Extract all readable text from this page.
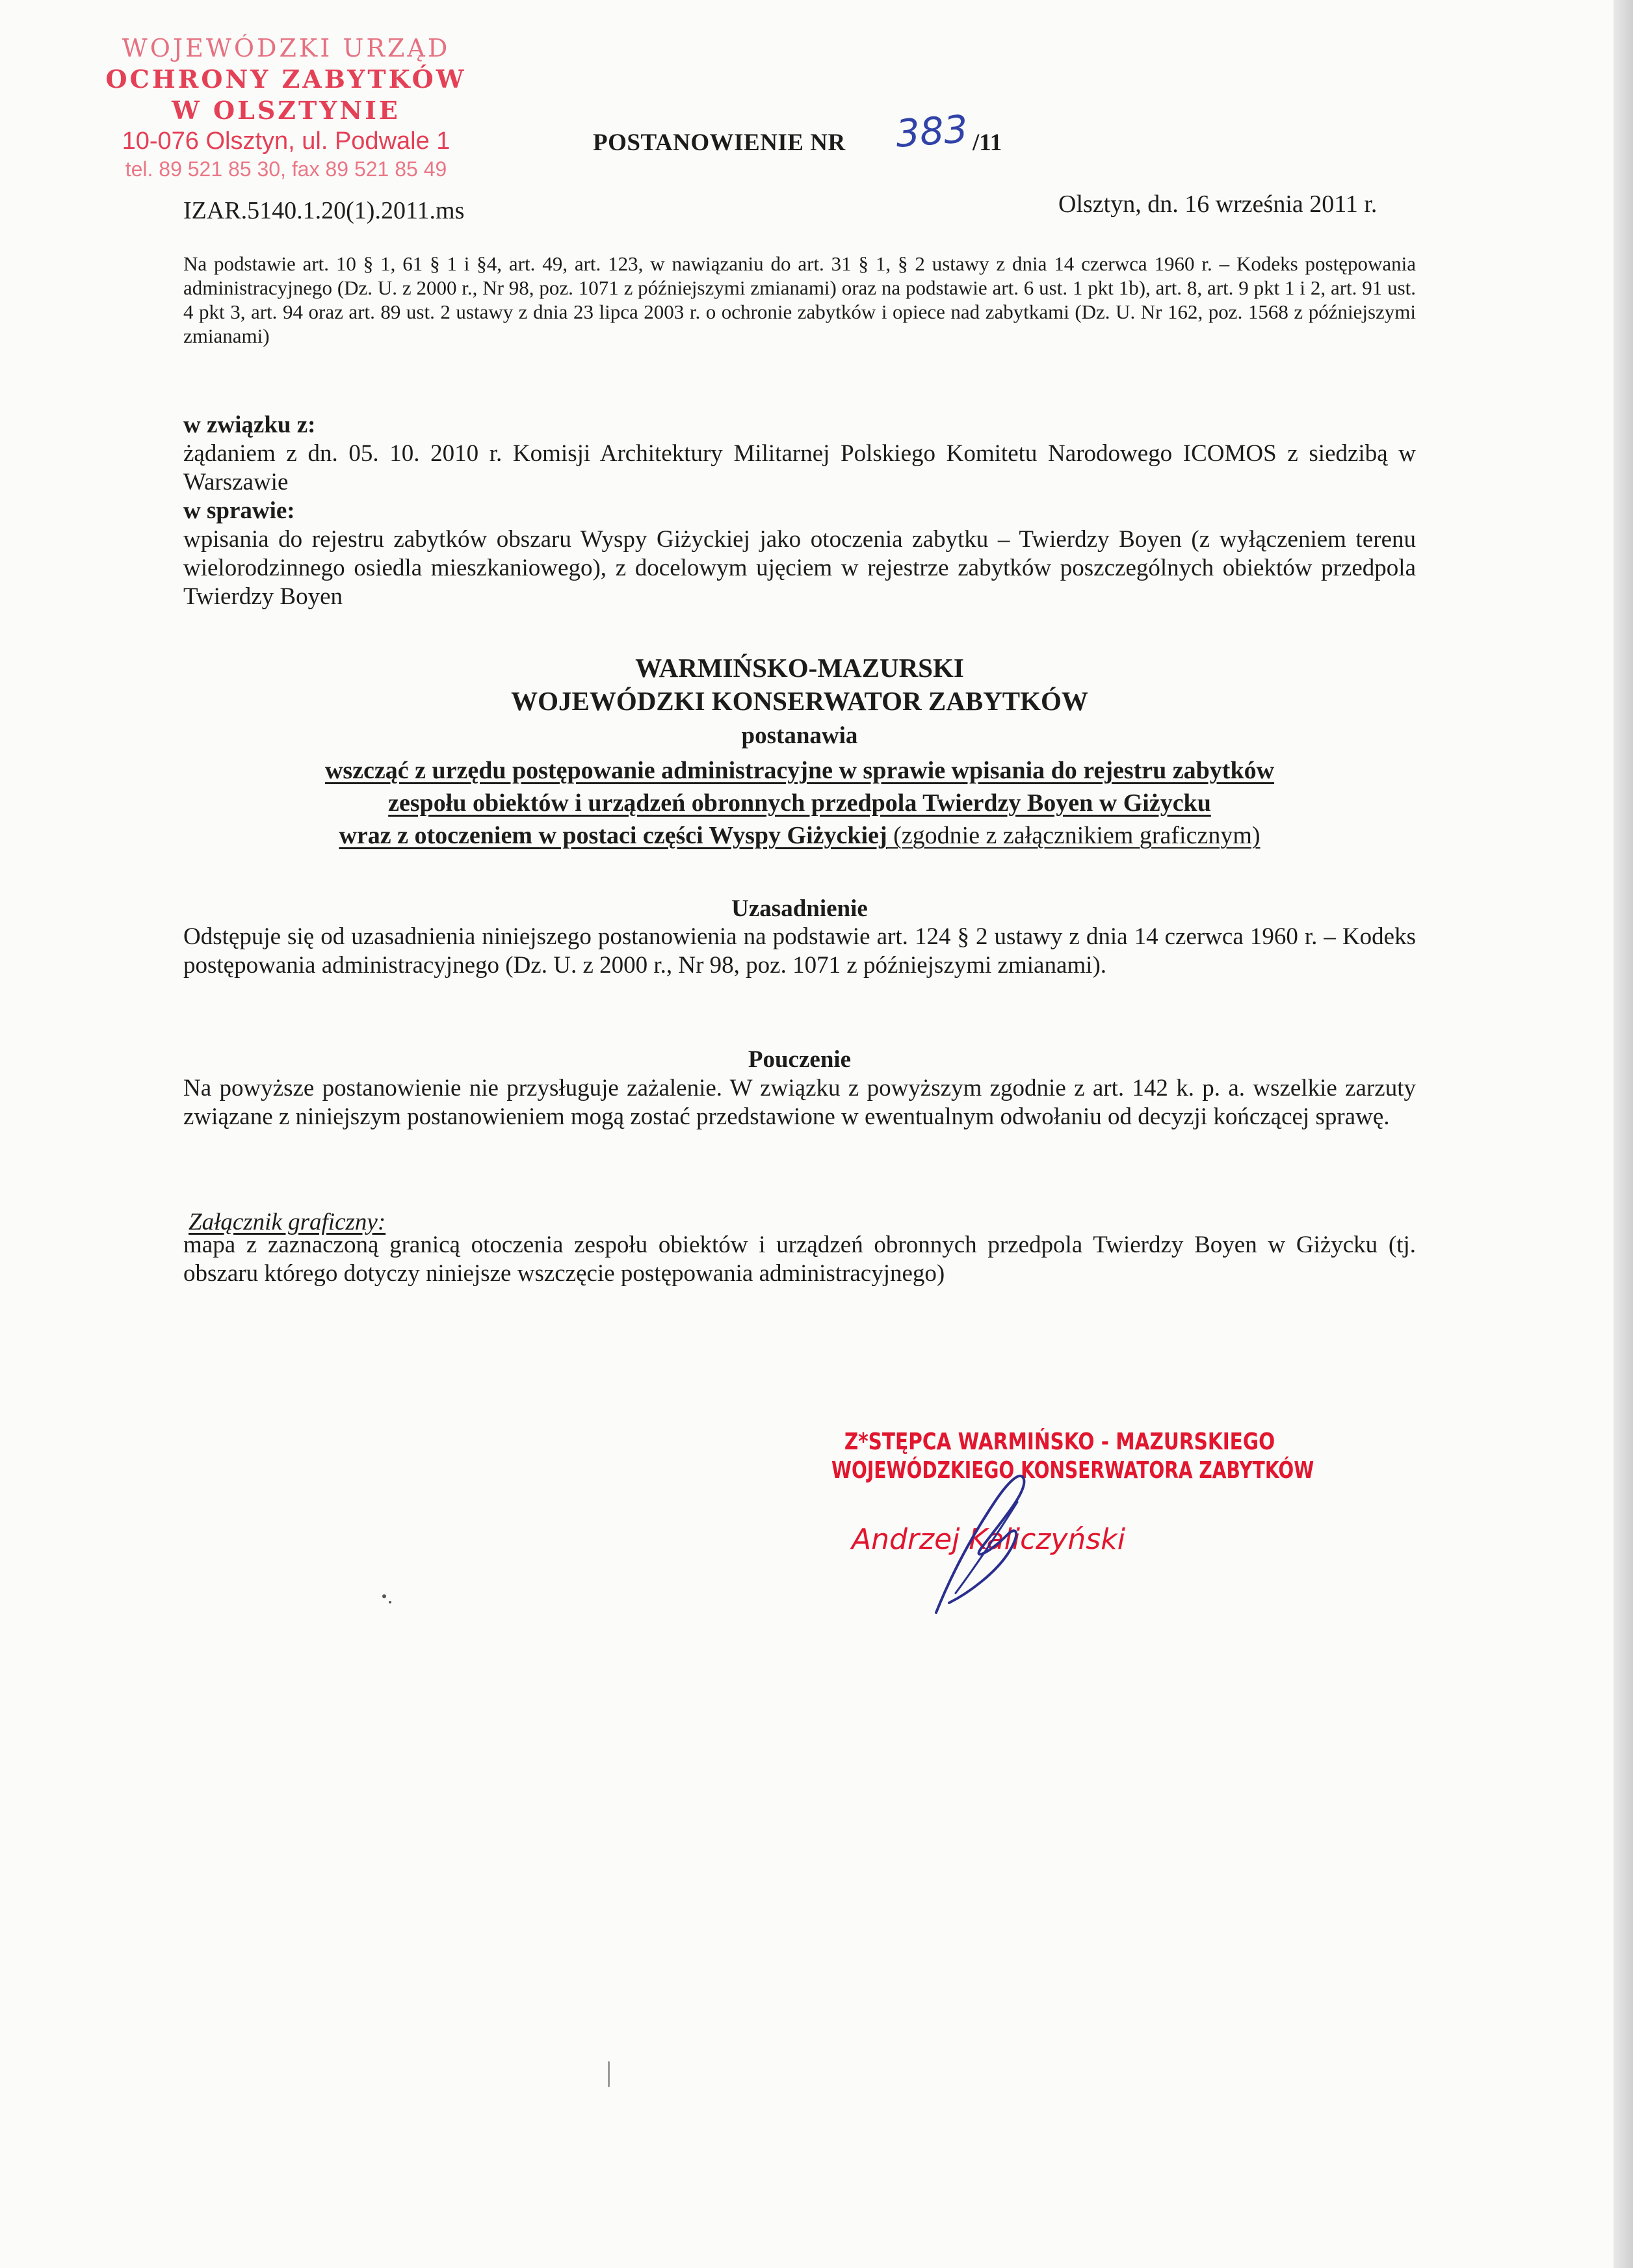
WOJEWÓDZKI URZĄD
OCHRONY ZABYTKÓW
W OLSZTYNIE
10-076 Olsztyn, ul. Podwale 1
tel. 89 521 85 30, fax 89 521 85 49
POSTANOWIENIE NR 383 /11
IZAR.5140.1.20(1).2011.ms	Olsztyn, dn. 16 września 2011 r.
Na podstawie art. 10 § 1, 61 § 1 i §4, art. 49, art. 123, w nawiązaniu do art. 31 § 1, § 2 ustawy z dnia 14 czerwca 1960 r. – Kodeks postępowania administracyjnego (Dz. U. z 2000 r., Nr 98, poz. 1071 z późniejszymi zmianami) oraz na podstawie art. 6 ust. 1 pkt 1b), art. 8, art. 9 pkt 1 i 2, art. 91 ust. 4 pkt 3, art. 94 oraz art. 89 ust. 2 ustawy z dnia 23 lipca 2003 r. o ochronie zabytków i opiece nad zabytkami (Dz. U. Nr 162, poz. 1568 z późniejszymi zmianami)
w związku z:
żądaniem z dn. 05. 10. 2010 r. Komisji Architektury Militarnej Polskiego Komitetu Narodowego ICOMOS z siedzibą w Warszawie
w sprawie:
wpisania do rejestru zabytków obszaru Wyspy Giżyckiej jako otoczenia zabytku – Twierdzy Boyen (z wyłączeniem terenu wielorodzinnego osiedla mieszkaniowego), z docelowym ujęciem w rejestrze zabytków poszczególnych obiektów przedpola Twierdzy Boyen
WARMIŃSKO-MAZURSKI
WOJEWÓDZKI KONSERWATOR ZABYTKÓW
postanawia
wszcząć z urzędu postępowanie administracyjne w sprawie wpisania do rejestru zabytków
zespołu obiektów i urządzeń obronnych przedpola Twierdzy Boyen w Giżycku
wraz z otoczeniem w postaci części Wyspy Giżyckiej (zgodnie z załącznikiem graficznym)
Uzasadnienie
Odstępuje się od uzasadnienia niniejszego postanowienia na podstawie art. 124 § 2 ustawy z dnia 14 czerwca 1960 r. – Kodeks postępowania administracyjnego (Dz. U. z 2000 r., Nr 98, poz. 1071 z późniejszymi zmianami).
Pouczenie
Na powyższe postanowienie nie przysługuje zażalenie. W związku z powyższym zgodnie z art. 142 k. p. a. wszelkie zarzuty związane z niniejszym postanowieniem mogą zostać przedstawione w ewentualnym odwołaniu od decyzji kończącej sprawę.
Załącznik graficzny:
mapa z zaznaczoną granicą otoczenia zespołu obiektów i urządzeń obronnych przedpola Twierdzy Boyen w Giżycku (tj. obszaru którego dotyczy niniejsze wszczęcie postępowania administracyjnego)
Z*STĘPCA WARMIŃSKO - MAZURSKIEGO
WOJEWÓDZKIEGO KONSERWATORA ZABYTKÓW
Andrzej Kaliczyński
